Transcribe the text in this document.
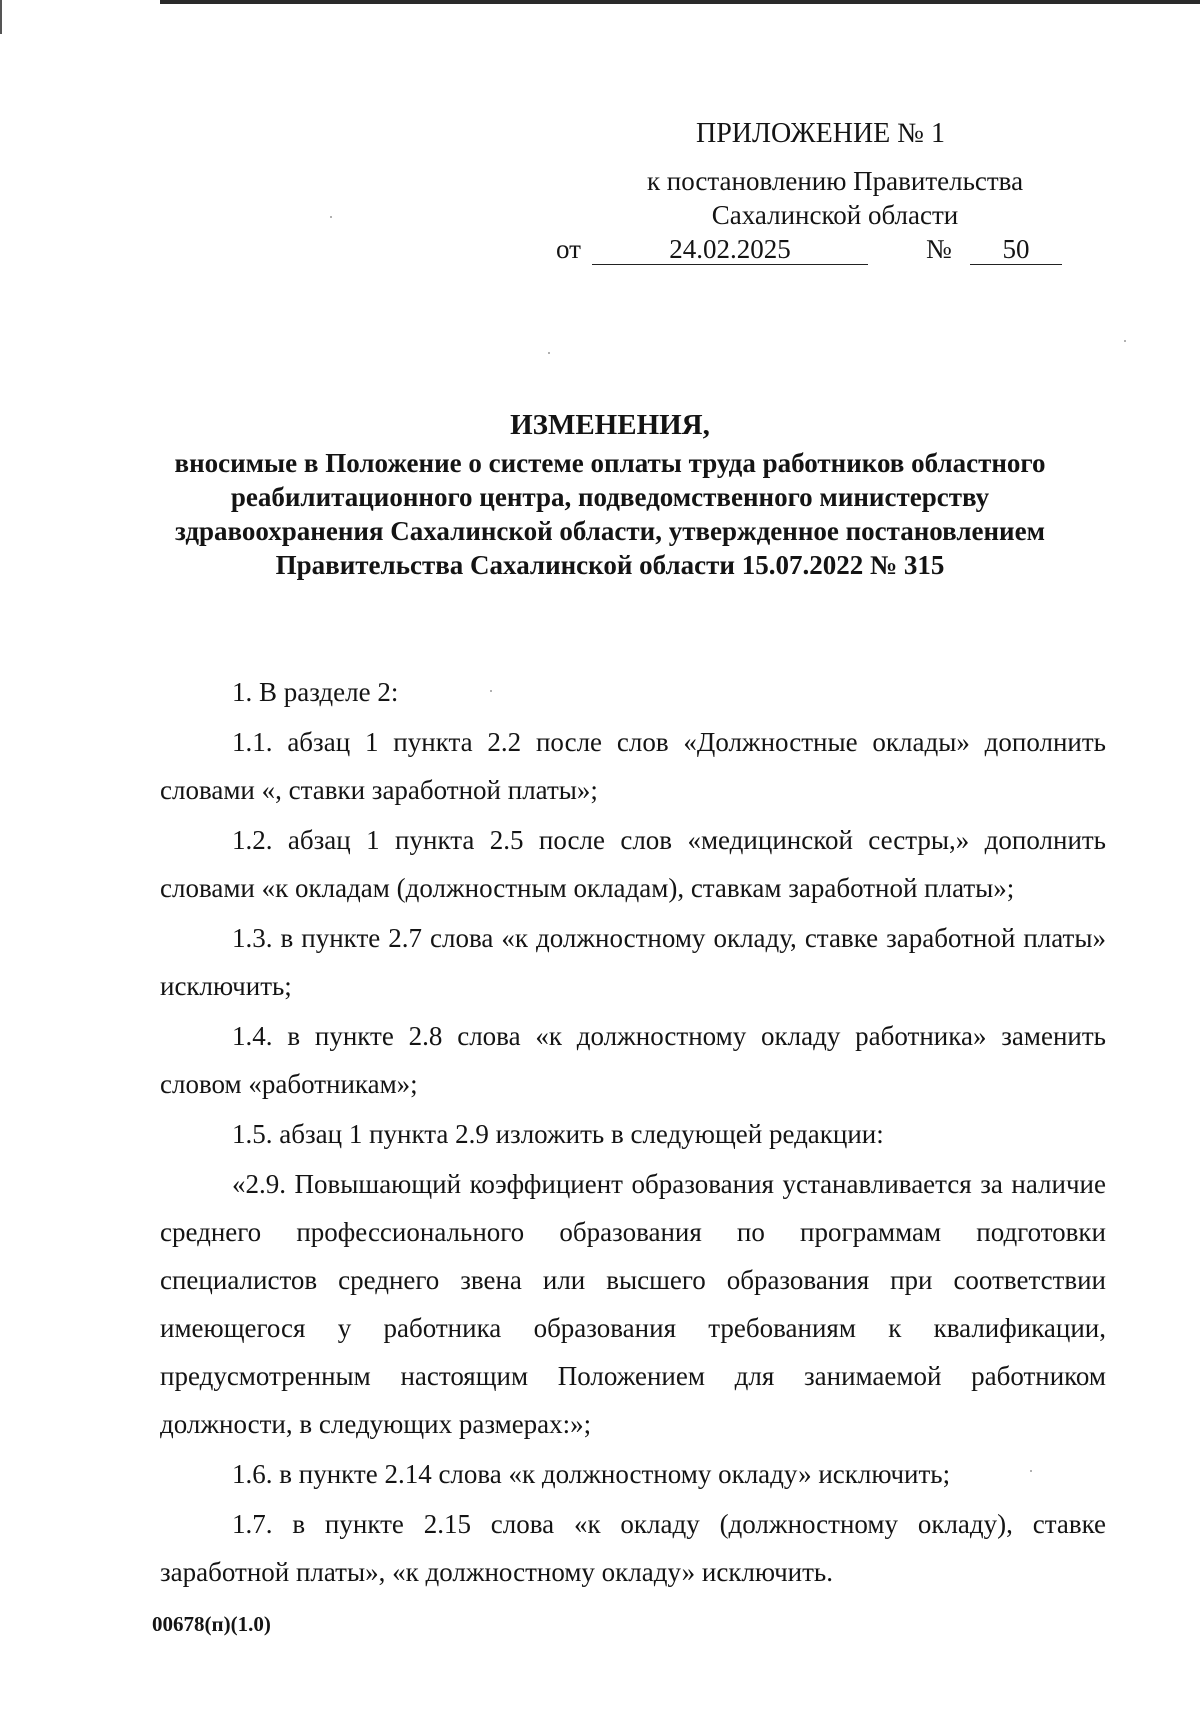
ПРИЛОЖЕНИЕ № 1
к постановлению Правительства
Сахалинской области
от	24.02.2025	№	50
ИЗМЕНЕНИЯ,
вносимые в Положение о системе оплаты труда работников областного реабилитационного центра, подведомственного министерству здравоохранения Сахалинской области, утвержденное постановлением Правительства Сахалинской области 15.07.2022 № 315

1. В разделе 2:

1.1. абзац 1 пункта 2.2 после слов «Должностные оклады» дополнить словами «, ставки заработной платы»;

1.2. абзац 1 пункта 2.5 после слов «медицинской сестры,» дополнить словами «к окладам (должностным окладам), ставкам заработной платы»;

1.3. в пункте 2.7 слова «к должностному окладу, ставке заработной платы» исключить;

1.4. в пункте 2.8 слова «к должностному окладу работника» заменить словом «работникам»;

1.5. абзац 1 пункта 2.9 изложить в следующей редакции:

«2.9. Повышающий коэффициент образования устанавливается за наличие среднего профессионального образования по программам подготовки специалистов среднего звена или высшего образования при соответствии имеющегося у работника образования требованиям к квалификации, предусмотренным настоящим Положением для занимаемой работником должности, в следующих размерах:»;

1.6. в пункте 2.14 слова «к должностному окладу» исключить;

1.7. в пункте 2.15 слова «к окладу (должностному окладу), ставке заработной платы», «к должностному окладу» исключить.

00678(п)(1.0)
